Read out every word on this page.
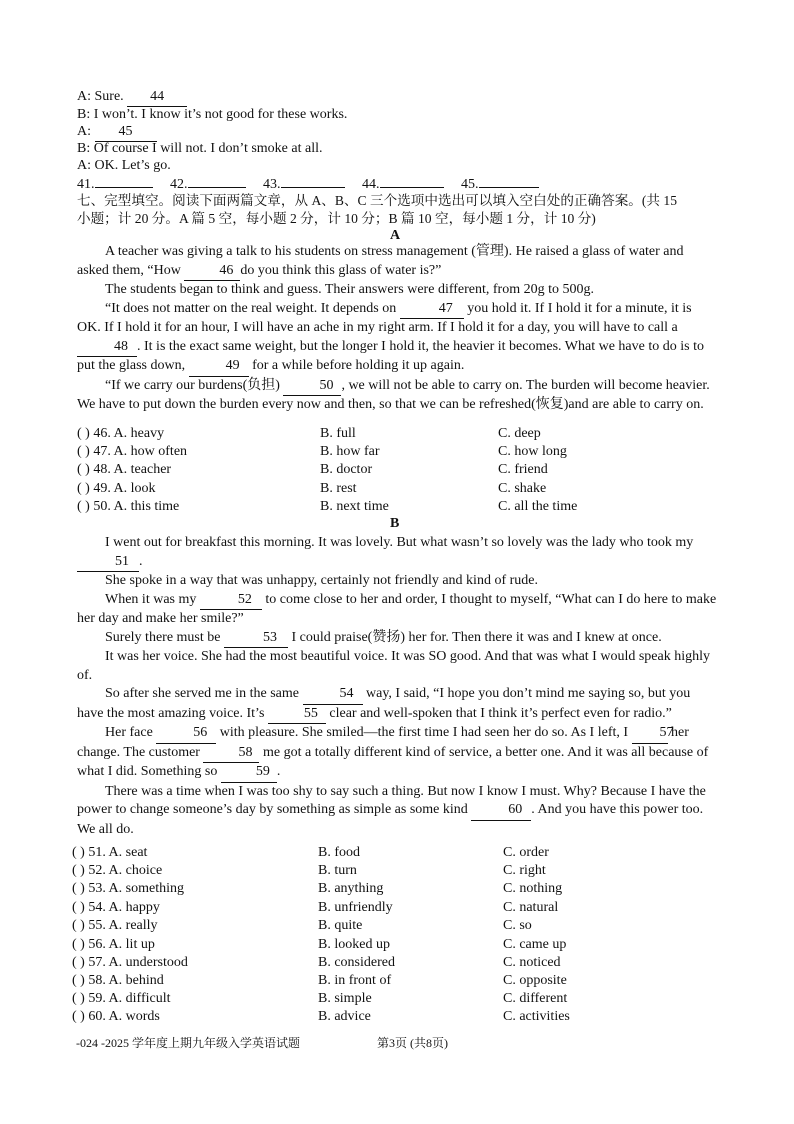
A: Sure. 44
B: I won’t. I know it’s not good for these works.
A: 45
B: Of course I will not. I don’t smoke at all.
A: OK. Let’s go.
41.	42.	43.	44.	45.
七、完型填空。阅读下面两篇文章，从 A、B、C 三个选项中选出可以填入空白处的正确答案。(共 15
小题；计 20 分。A 篇 5 空，每小题 2 分，计 10 分；B 篇 10 空，每小题 1 分，计 10 分)
A
A teacher was giving a talk to his students on stress management (管理). He raised a glass of water and asked them, “How	46 do you think this glass of water is?”
The students began to think and guess. Their answers were different, from 20g to 500g.
“It does not matter on the real weight. It depends on	47 you hold it. If I hold it for a minute, it is OK. If I hold it for an hour, I will have an ache in my right arm. If I hold it for a day, you will have to call a 48 . It is the exact same weight, but the longer I hold it, the heavier it becomes. What we have to do is to put the glass down,	49 for a while before holding it up again.
“If we carry our burdens(负担)	50 , we will not be able to carry on. The burden will become heavier. We have to put down the burden every now and then, so that we can be refreshed(恢复)and are able to carry on.
( ) 46. A. heavy	B. full	C. deep
( ) 47. A. how often	B. how far	C. how long
( ) 48. A. teacher	B. doctor	C. friend
( ) 49. A. look	B. rest	C. shake
( ) 50. A. this time	B. next time	C. all the time
B
I went out for breakfast this morning. It was lovely. But what wasn’t so lovely was the lady who took my 51 .
She spoke in a way that was unhappy, certainly not friendly and kind of rude.
When it was my	52 to come close to her and order, I thought to myself, “What can I do here to make her day and make her smile?”
Surely there must be	53 I could praise(赞扬) her for. Then there it was and I knew at once.
It was her voice. She had the most beautiful voice. It was SO good. And that was what I would speak highly of.
So after she served me in the same	54 way, I said, “I hope you don’t mind me saying so, but you have the most amazing voice. It’s	55 clear and well-spoken that I think it’s perfect even for radio.”
Her face	56 with pleasure. She smiled—the first time I had seen her do so. As I left, I 57 her change. The customer	58 me got a totally different kind of service, a better one. And it was all because of what I did. Something so	59 .
There was a time when I was too shy to say such a thing. But now I know I must. Why? Because I have the power to change someone’s day by something as simple as some kind	60 . And you have this power too. We all do.
( ) 51. A. seat	B. food	C. order
( ) 52. A. choice	B. turn	C. right
( ) 53. A. something	B. anything	C. nothing
( ) 54. A. happy	B. unfriendly	C. natural
( ) 55. A. really	B. quite	C. so
( ) 56. A. lit up	B. looked up	C. came up
( ) 57. A. understood	B. considered	C. noticed
( ) 58. A. behind	B. in front of	C. opposite
( ) 59. A. difficult	B. simple	C. different
( ) 60. A. words	B. advice	C. activities
-024 -2025 学年度上期九年级入学英语试题	第3页 (共8页)
